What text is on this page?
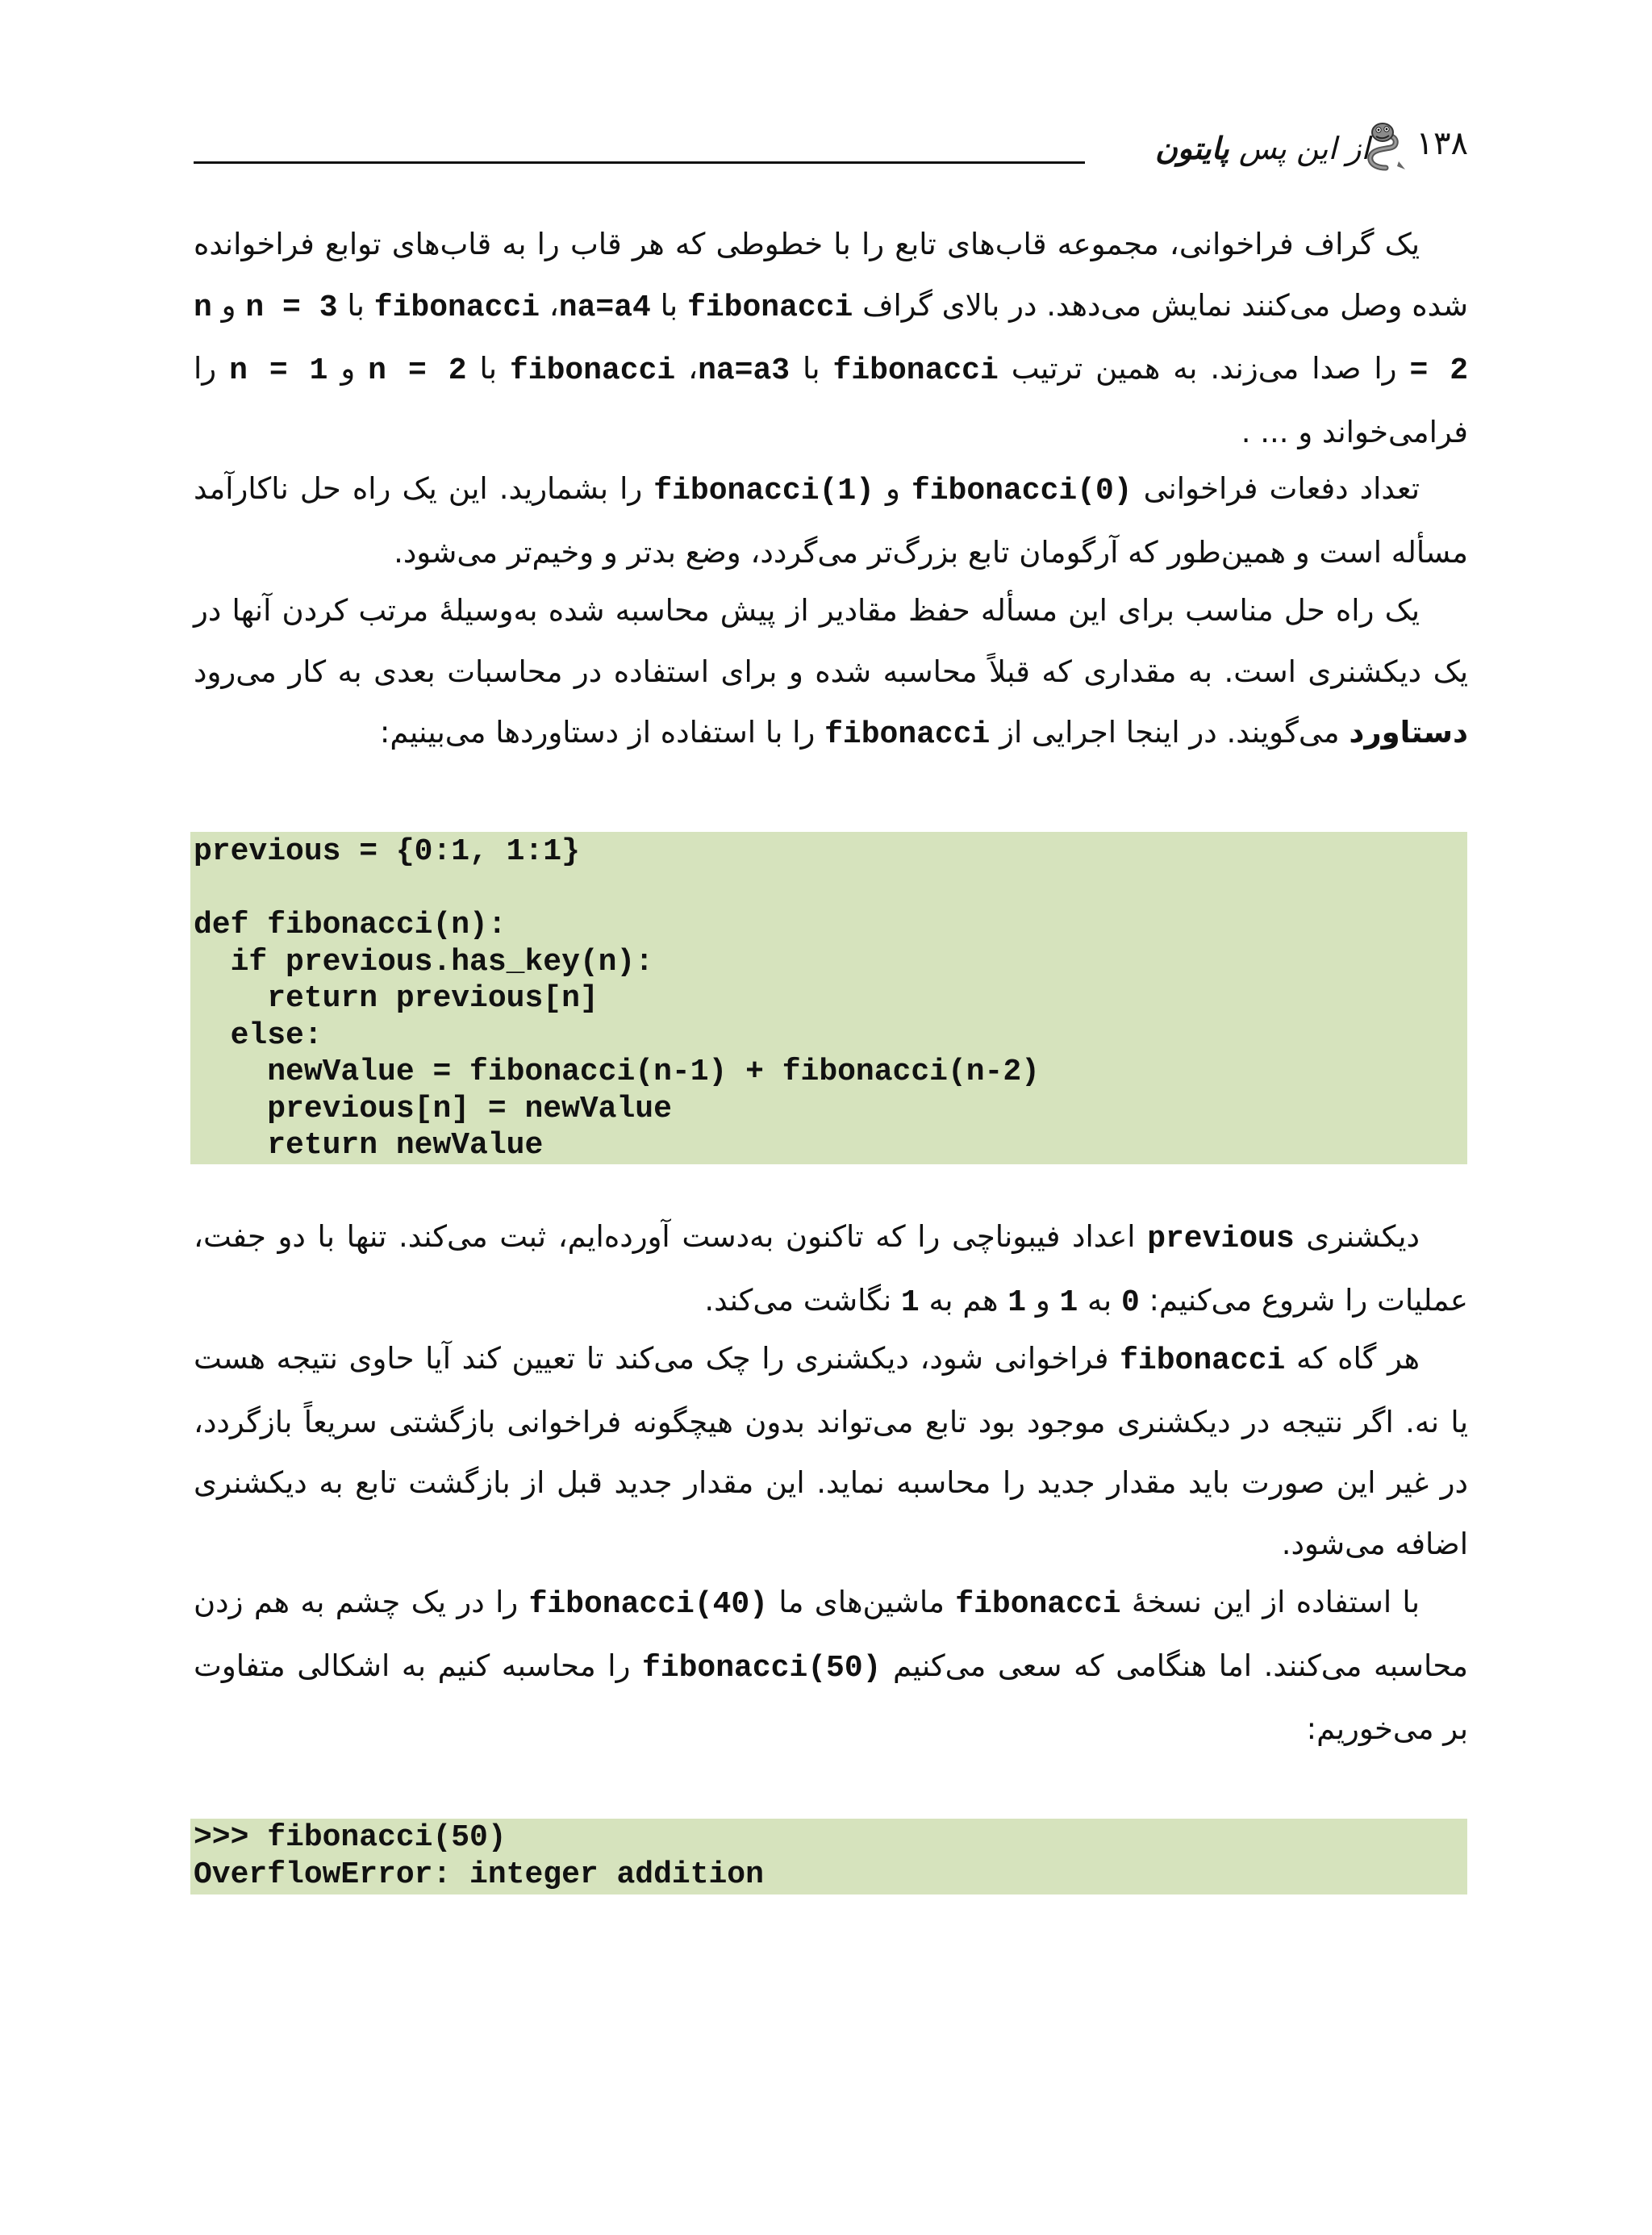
از این پس پایتون	۱۳۸

یک گراف فراخوانی، مجموعه قاب‌های تابع را با خطوطی که هر قاب را به قاب‌های توابع فراخوانده شده وصل می‌کنند نمایش می‌دهد. در بالای گراف fibonacci با na=a4، fibonacci با n = 3 و n = 2 را صدا می‌زند. به همین ترتیب fibonacci با na=a3، fibonacci با n = 2 و n = 1 را فرامی‌خواند و ... .

تعداد دفعات فراخوانی fibonacci(0) و fibonacci(1) را بشمارید. این یک راه حل ناکارآمد مسأله است و همین‌طور که آرگومان تابع بزرگ‌تر می‌گردد، وضع بدتر و وخیم‌تر می‌شود.

یک راه حل مناسب برای این مسأله حفظ مقادیر از پیش محاسبه شده به‌وسیلهٔ مرتب کردن آنها در یک دیکشنری است. به مقداری که قبلاً محاسبه شده و برای استفاده در محاسبات بعدی به کار می‌رود دستاورد می‌گویند. در اینجا اجرایی از fibonacci را با استفاده از دستاوردها می‌بینیم:

previous = {0:1, 1:1}
def fibonacci(n):
if previous.has_key(n):
return previous[n]
else:
newValue = fibonacci(n-1) + fibonacci(n-2)
previous[n] = newValue
return newValue

دیکشنری previous اعداد فیبوناچی را که تاکنون به‌دست آورده‌ایم، ثبت می‌کند. تنها با دو جفت، عملیات را شروع می‌کنیم: 0 به 1 و 1 هم به 1 نگاشت می‌کند.

هر گاه که fibonacci فراخوانی شود، دیکشنری را چک می‌کند تا تعیین کند آیا حاوی نتیجه هست یا نه. اگر نتیجه در دیکشنری موجود بود تابع می‌تواند بدون هیچگونه فراخوانی بازگشتی سریعاً بازگردد، در غیر این صورت باید مقدار جدید را محاسبه نماید. این مقدار جدید قبل از بازگشت تابع به دیکشنری اضافه می‌شود.

با استفاده از این نسخهٔ fibonacci ماشین‌های ما fibonacci(40) را در یک چشم به هم زدن محاسبه می‌کنند. اما هنگامی که سعی می‌کنیم fibonacci(50) را محاسبه کنیم به اشکالی متفاوت بر می‌خوریم:

>>> fibonacci(50)
OverflowError: integer addition
